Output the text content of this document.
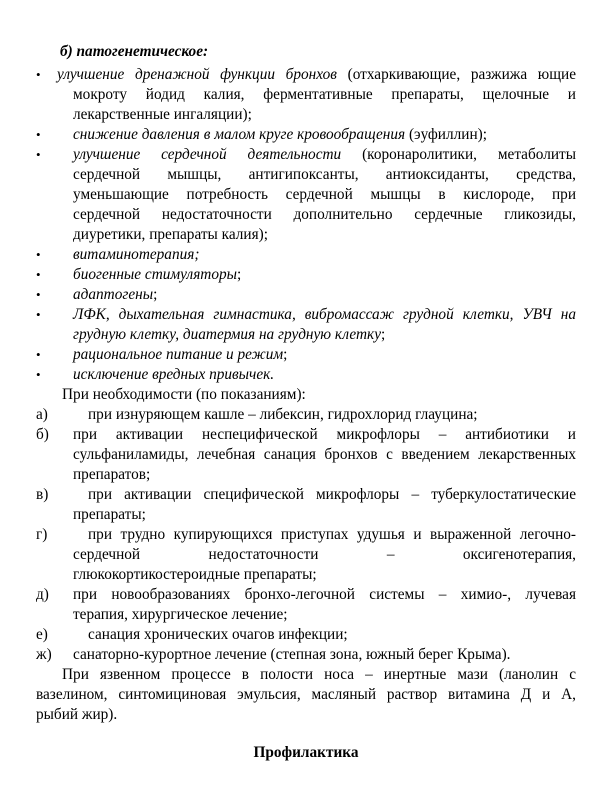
б) патогенетическое:
• улучшение дренажной функции бронхов (отхаркивающие, разжижа ющие
мокроту йодид калия, ферментативные препараты, щелочные и
лекарственные ингаляции);
• снижение давления в малом круге кровообращения (эуфиллин);
• улучшение сердечной деятельности (коронаролитики, метаболиты
сердечной мышцы, антигипоксанты, антиоксиданты, средства,
уменьшающие потребность сердечной мышцы в кислороде, при
сердечной недостаточности дополнительно сердечные гликозиды,
диуретики, препараты калия);
• витаминотерапия;
• биогенные стимуляторы;
• адаптогены;
• ЛФК, дыхательная гимнастика, вибромассаж грудной клетки, УВЧ на
грудную клетку, диатермия на грудную клетку;
• рациональное питание и режим;
• исключение вредных привычек.
При необходимости (по показаниям):
а)	при изнуряющем кашле – либексин, гидрохлорид глауцина;
б) при активации неспецифической микрофлоры – антибиотики и
сульфаниламиды, лечебная санация бронхов с введением лекарственных
препаратов;
в)	при активации специфической микрофлоры – туберкулостатические
препараты;
г)	при трудно купирующихся приступах удушья и выраженной легочно-
сердечной недостаточности – оксигенотерапия,
глюкокортикостероидные препараты;
д) при новообразованиях бронхо-легочной системы – химио-, лучевая
терапия, хирургическое лечение;
е)	санация хронических очагов инфекции;
ж) санаторно-курортное лечение (степная зона, южный берег Крыма).
При язвенном процессе в полости носа – инертные мази (ланолин с
вазелином, синтомициновая эмульсия, масляный раствор витамина Д и А,
рыбий жир).
Профилактика
